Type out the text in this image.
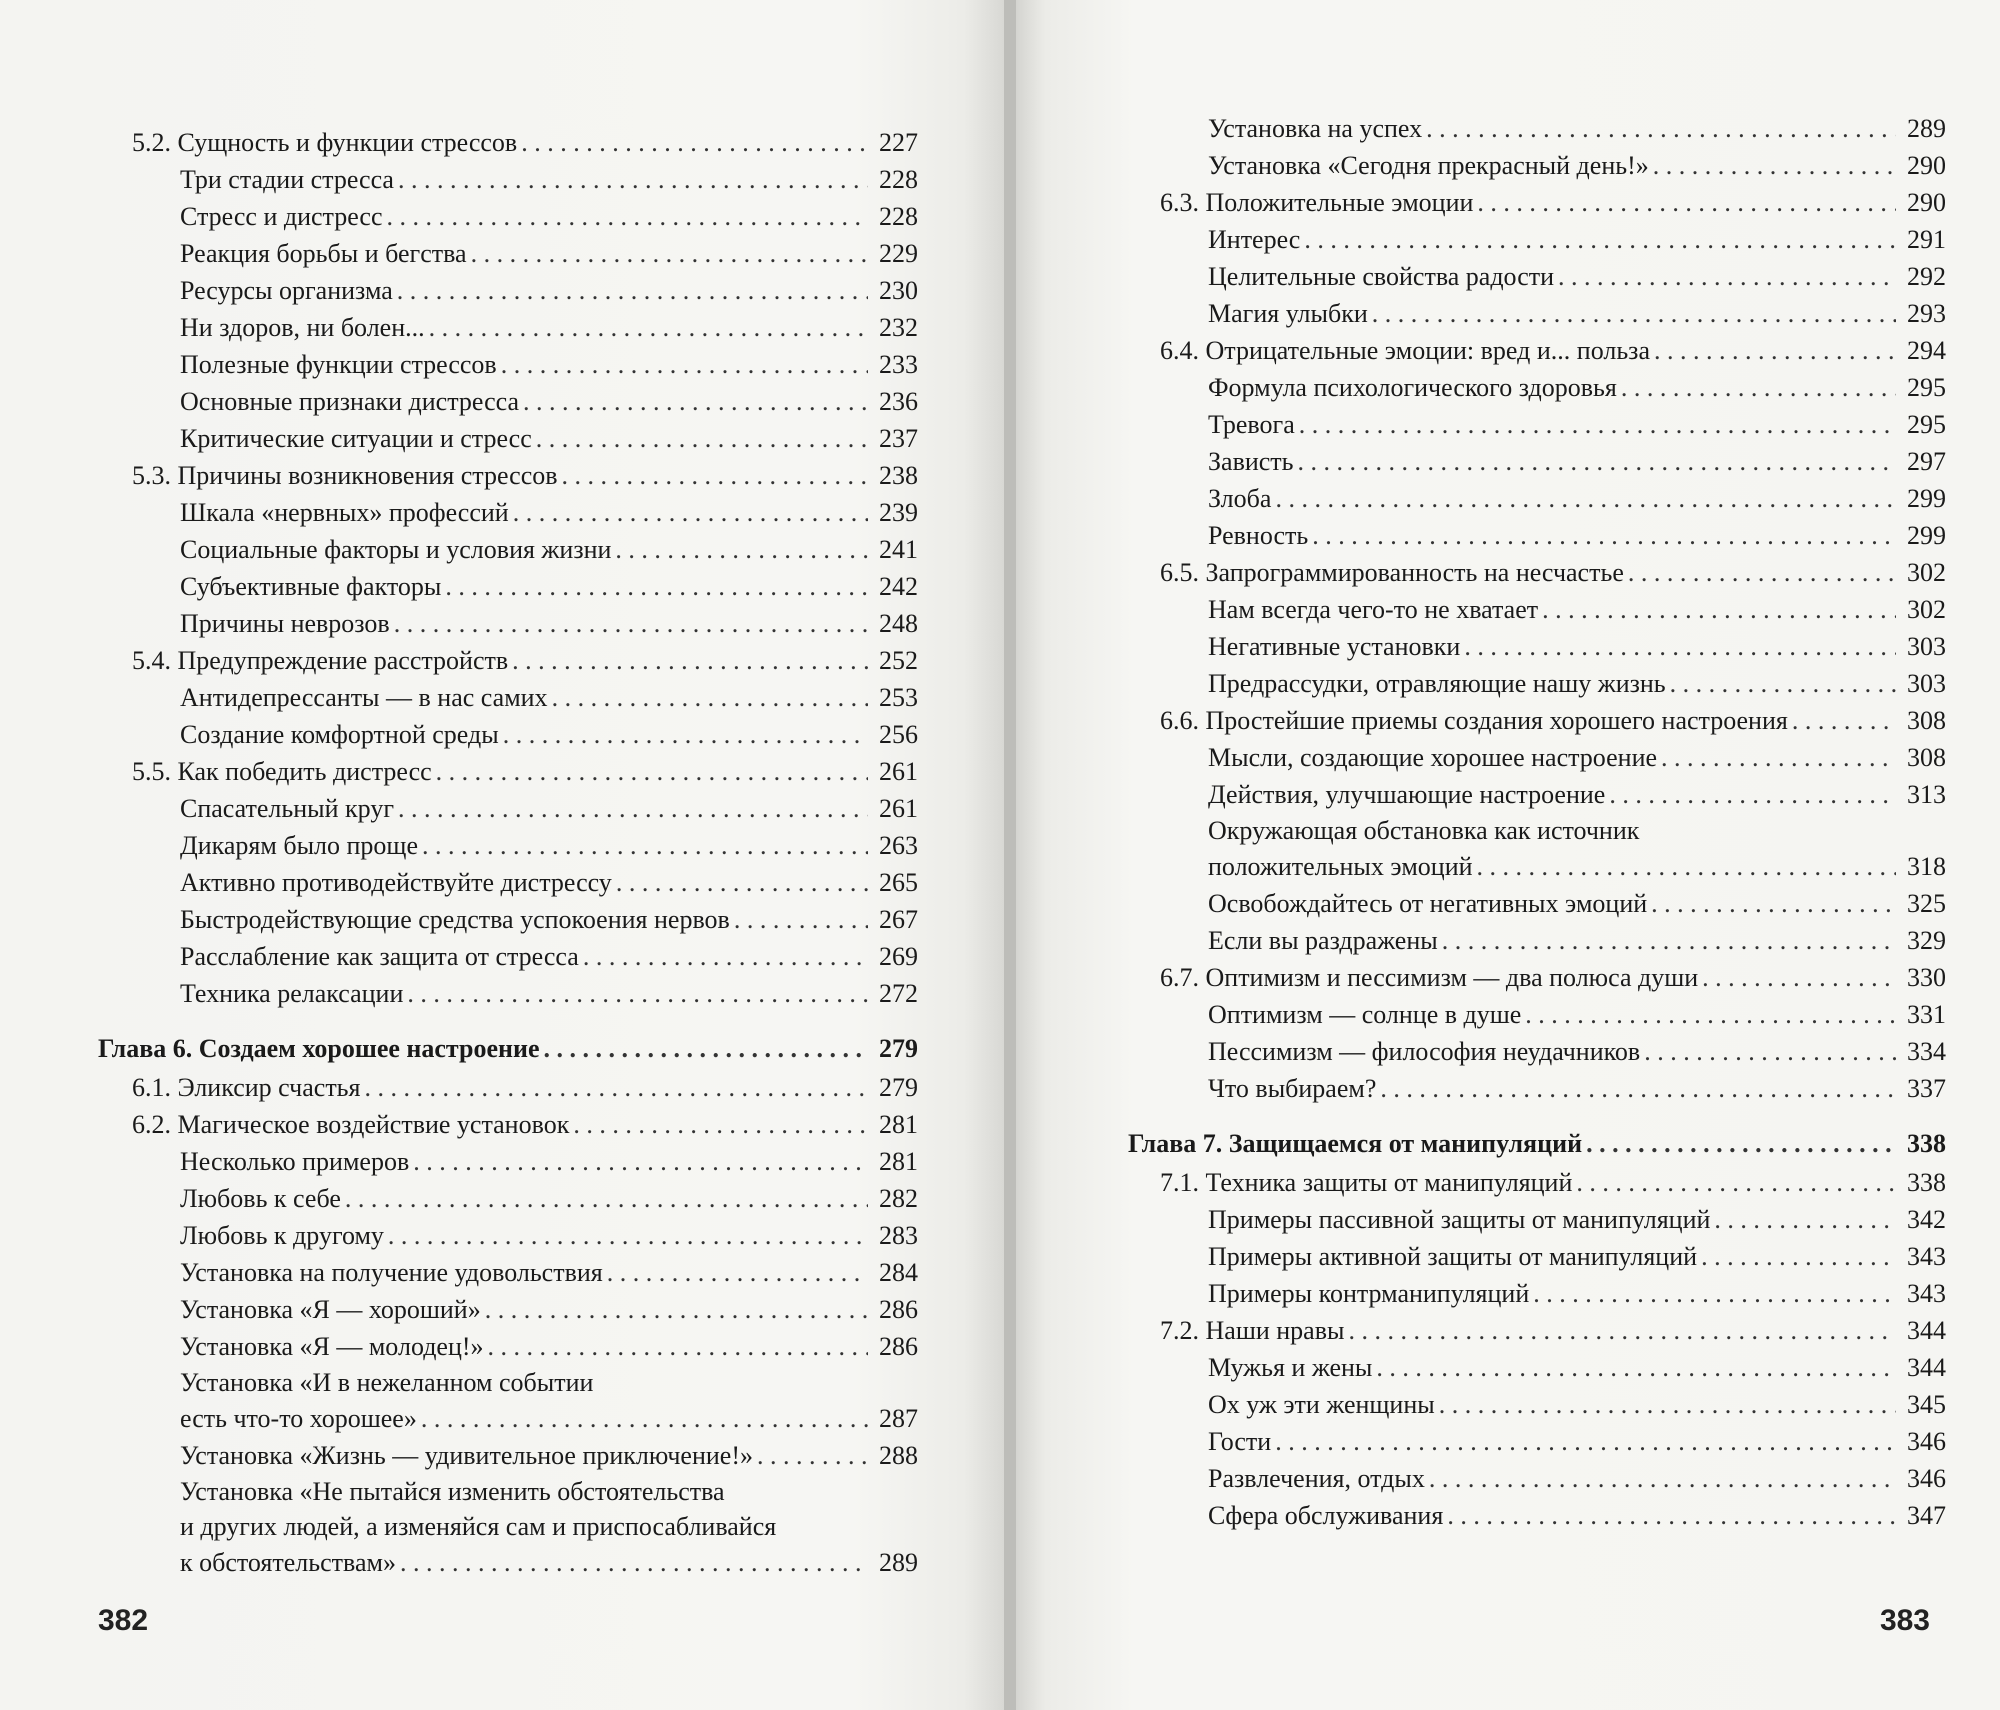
5.2. Сущность и функции стрессов . . .	227
Три стадии стресса . . .	228
Стресс и дистресс . . .	228
Реакция борьбы и бегства . . .	229
Ресурсы организма . . .	230
Ни здоров, ни болен... . . .	232
Полезные функции стрессов . . .	233
Основные признаки дистресса . . .	236
Критические ситуации и стресс . . .	237
5.3. Причины возникновения стрессов . . .	238
Шкала «нервных» профессий . . .	239
Социальные факторы и условия жизни . . .	241
Субъективные факторы . . .	242
Причины неврозов . . .	248
5.4. Предупреждение расстройств . . .	252
Антидепрессанты — в нас самих . . .	253
Создание комфортной среды . . .	256
5.5. Как победить дистресс . . .	261
Спасательный круг . . .	261
Дикарям было проще . . .	263
Активно противодействуйте дистрессу . . .	265
Быстродействующие средства успокоения нервов . . .	267
Расслабление как защита от стресса . . .	269
Техника релаксации . . .	272
Глава 6. Создаем хорошее настроение . . .	279
6.1. Эликсир счастья . . .	279
6.2. Магическое воздействие установок . . .	281
Несколько примеров . . .	281
Любовь к себе . . .	282
Любовь к другому . . .	283
Установка на получение удовольствия . . .	284
Установка «Я — хороший» . . .	286
Установка «Я — молодец!» . . .	286
Установка «И в нежеланном событии
есть что-то хорошее» . . .	287
Установка «Жизнь — удивительное приключение!» . . .	288
Установка «Не пытайся изменить обстоятельства
и других людей, а изменяйся сам и приспосабливайся
к обстоятельствам» . . .	289
382
Установка на успех . . .	289
Установка «Сегодня прекрасный день!» . . .	290
6.3. Положительные эмоции . . .	290
Интерес . . .	291
Целительные свойства радости . . .	292
Магия улыбки . . .	293
6.4. Отрицательные эмоции: вред и... польза . . .	294
Формула психологического здоровья . . .	295
Тревога . . .	295
Зависть . . .	297
Злоба . . .	299
Ревность . . .	299
6.5. Запрограммированность на несчастье . . .	302
Нам всегда чего-то не хватает . . .	302
Негативные установки . . .	303
Предрассудки, отравляющие нашу жизнь . . .	303
6.6. Простейшие приемы создания хорошего настроения . . .	308
Мысли, создающие хорошее настроение . . .	308
Действия, улучшающие настроение . . .	313
Окружающая обстановка как источник
положительных эмоций . . .	318
Освобождайтесь от негативных эмоций . . .	325
Если вы раздражены . . .	329
6.7. Оптимизм и пессимизм — два полюса души . . .	330
Оптимизм — солнце в душе . . .	331
Пессимизм — философия неудачников . . .	334
Что выбираем? . . .	337
Глава 7. Защищаемся от манипуляций . . .	338
7.1. Техника защиты от манипуляций . . .	338
Примеры пассивной защиты от манипуляций . . .	342
Примеры активной защиты от манипуляций . . .	343
Примеры контрманипуляций . . .	343
7.2. Наши нравы . . .	344
Мужья и жены . . .	344
Ох уж эти женщины . . .	345
Гости . . .	346
Развлечения, отдых . . .	346
Сфера обслуживания . . .	347
383
